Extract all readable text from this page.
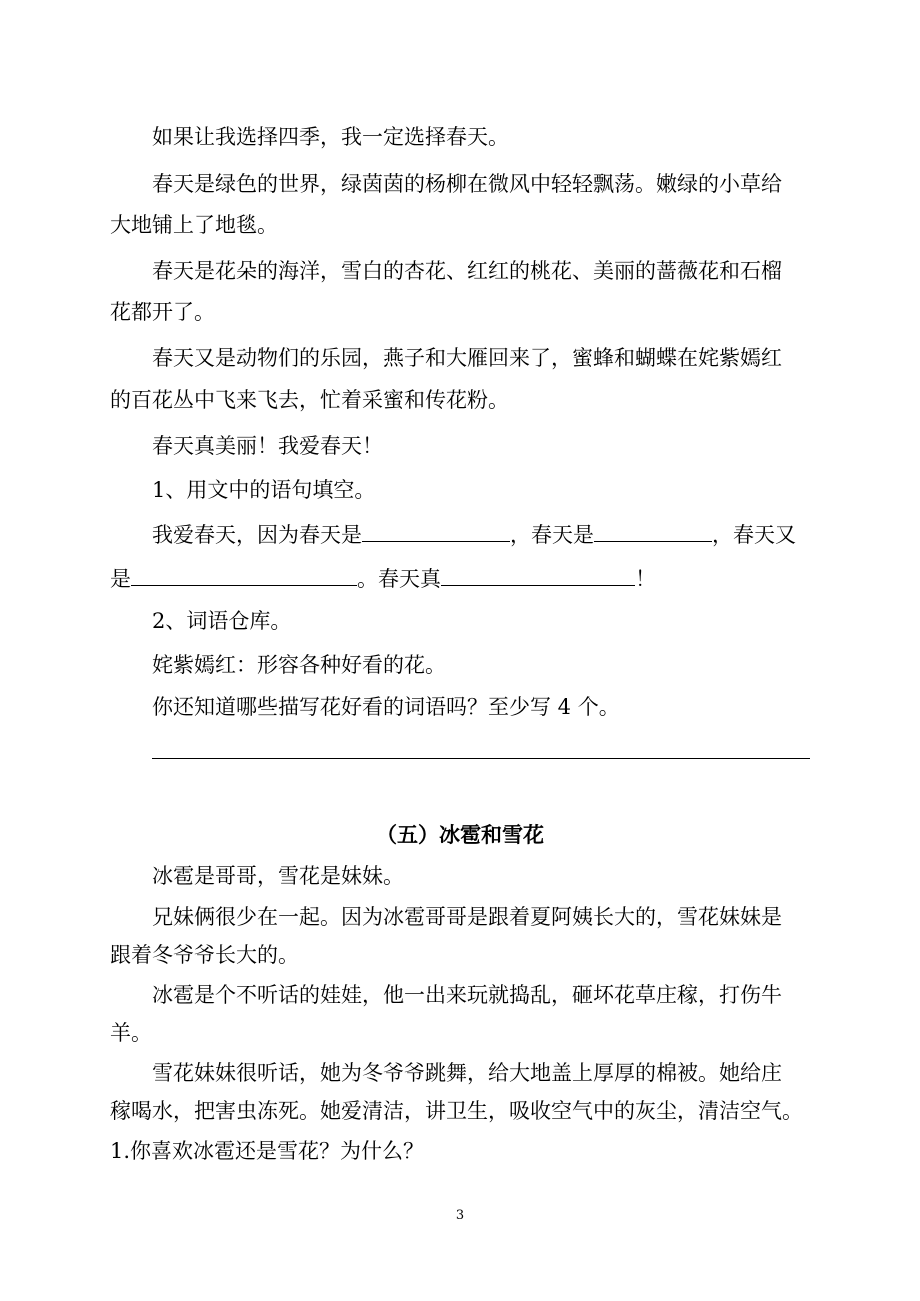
如果让我选择四季，我一定选择春天。
春天是绿色的世界，绿茵茵的杨柳在微风中轻轻飘荡。嫩绿的小草给
大地铺上了地毯。
春天是花朵的海洋，雪白的杏花、红红的桃花、美丽的蔷薇花和石榴
花都开了。
春天又是动物们的乐园，燕子和大雁回来了，蜜蜂和蝴蝶在姹紫嫣红
的百花丛中飞来飞去，忙着采蜜和传花粉。
春天真美丽！我爱春天！
1、用文中的语句填空。
我爱春天，因为春天是	，春天是	，春天又
是	。春天真	！
2、词语仓库。
姹紫嫣红：形容各种好看的花。
你还知道哪些描写花好看的词语吗？至少写 4 个。
（五）冰雹和雪花
冰雹是哥哥，雪花是妹妹。
兄妹俩很少在一起。因为冰雹哥哥是跟着夏阿姨长大的，雪花妹妹是
跟着冬爷爷长大的。
冰雹是个不听话的娃娃，他一出来玩就捣乱，砸坏花草庄稼，打伤牛
羊。
雪花妹妹很听话，她为冬爷爷跳舞，给大地盖上厚厚的棉被。她给庄
稼喝水，把害虫冻死。她爱清洁，讲卫生，吸收空气中的灰尘，清洁空气。
1.你喜欢冰雹还是雪花？为什么？
3
